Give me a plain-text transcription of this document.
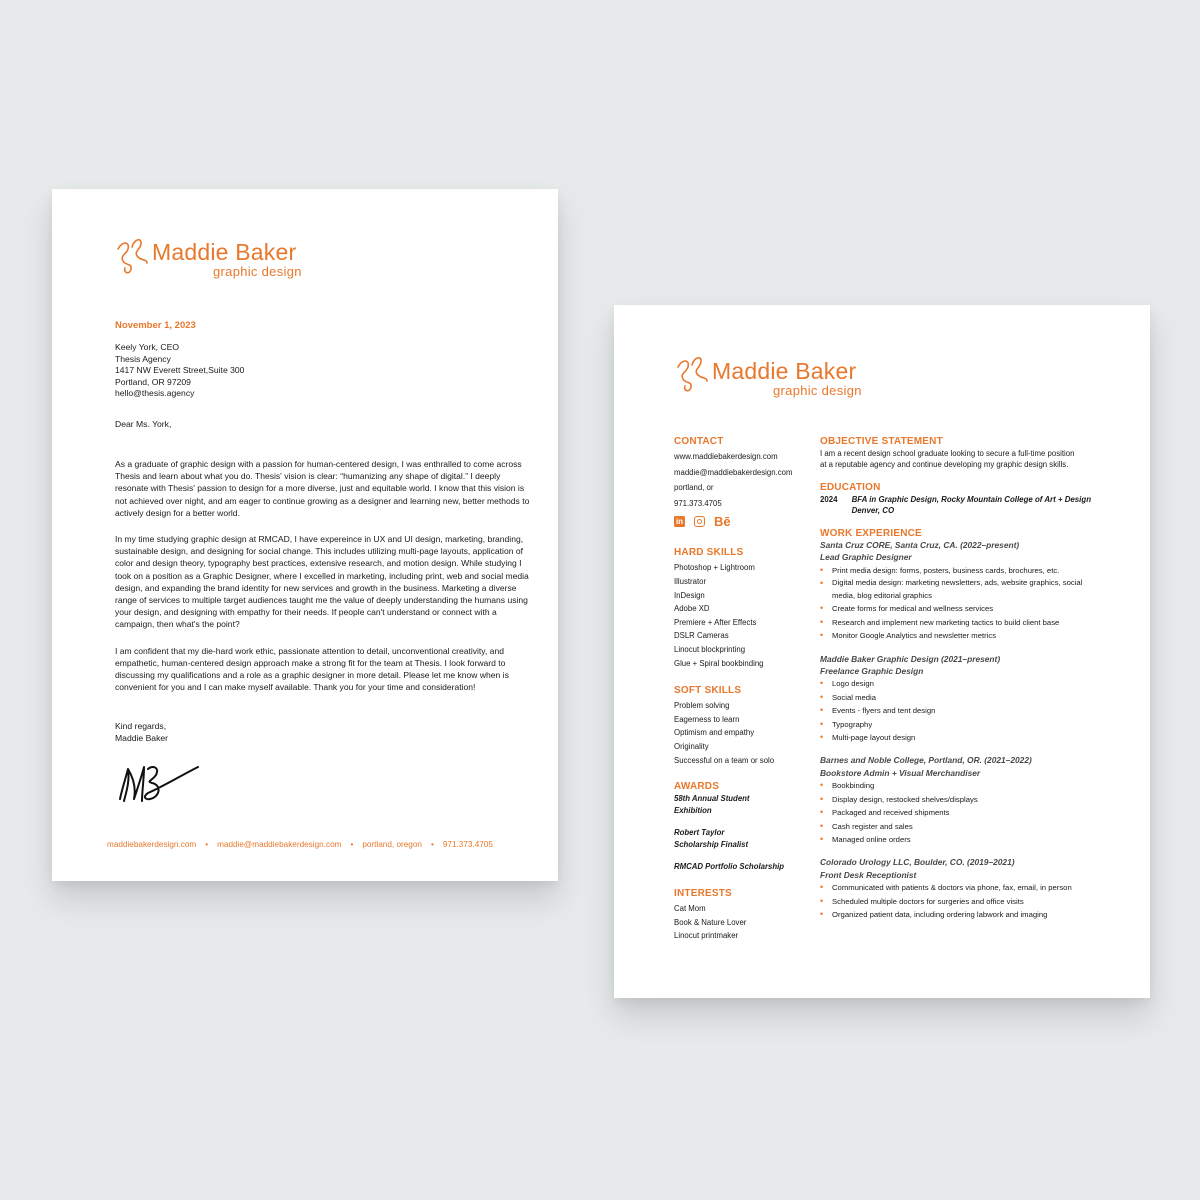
Maddie Baker
graphic design
November 1, 2023
Keely York, CEO
Thesis Agency
1417 NW Everett Street,Suite 300
Portland, OR 97209
hello@thesis.agency
Dear Ms. York,

As a graduate of graphic design with a passion for human-centered design, I was enthralled to come across Thesis and learn about what you do. Thesis' vision is clear: “humanizing any shape of digital.” I deeply resonate with Thesis' passion to design for a more diverse, just and equitable world. I know that this vision is not achieved over night, and am eager to continue growing as a designer and learning new, better methods to actively design for a better world.

In my time studying graphic design at RMCAD, I have expereince in UX and UI design, marketing, branding, sustainable design, and designing for social change. This includes utilizing multi-page layouts, application of color and design theory, typography best practices, extensive research, and motion design. While studying I took on a position as a Graphic Designer, where I excelled in marketing, including print, web and social media design, and expanding the brand identity for new services and growth in the business. Marketing a diverse range of services to multiple target audiences taught me the value of deeply understanding the humans using your design, and designing with empathy for their needs. If people can't understand or connect with a campaign, then what's the point?

I am confident that my die-hard work ethic, passionate attention to detail, unconventional creativity, and empathetic, human-centered design approach make a strong fit for the team at Thesis. I look forward to discussing my qualifications and a role as a graphic designer in more detail. Please let me know when is convenient for you and I can make myself available. Thank you for your time and consideration!

Kind regards,
Maddie Baker
maddiebakerdesign.com • maddie@maddiebakerdesign.com • portland, oregon • 971.373.4705
Maddie Baker
graphic design
CONTACT
www.maddiebakerdesign.com
maddie@maddiebakerdesign.com
portland, or
971.373.4705
in Bē
HARD SKILLS
Photoshop + Lightroom
Illustrator
InDesign
Adobe XD
Premiere + After Effects
DSLR Cameras
Linocut blockprinting
Glue + Spiral bookbinding
SOFT SKILLS
Problem solving
Eagerness to learn
Optimism and empathy
Originality
Successful on a team or solo
AWARDS
58th Annual Student Exhibition
Robert Taylor Scholarship Finalist
RMCAD Portfolio Scholarship
INTERESTS
Cat Mom
Book & Nature Lover
Linocut printmaker
OBJECTIVE STATEMENT
I am a recent design school graduate looking to secure a full-time position at a reputable agency and continue developing my graphic design skills.
EDUCATION
2024 BFA in Graphic Design, Rocky Mountain College of Art + Design
Denver, CO
WORK EXPERIENCE
Santa Cruz CORE, Santa Cruz, CA. (2022–present)
Lead Graphic Designer
• Print media design: forms, posters, business cards, brochures, etc.
• Digital media design: marketing newsletters, ads, website graphics, social media, blog editorial graphics
• Create forms for medical and wellness services
• Research and implement new marketing tactics to build client base
• Monitor Google Analytics and newsletter metrics
Maddie Baker Graphic Design (2021–present)
Freelance Graphic Design
• Logo design
• Social media
• Events - flyers and tent design
• Typography
• Multi-page layout design
Barnes and Noble College, Portland, OR. (2021–2022)
Bookstore Admin + Visual Merchandiser
• Bookbinding
• Display design, restocked shelves/displays
• Packaged and received shipments
• Cash register and sales
• Managed online orders
Colorado Urology LLC, Boulder, CO. (2019–2021)
Front Desk Receptionist
• Communicated with patients & doctors via phone, fax, email, in person
• Scheduled multiple doctors for surgeries and office visits
• Organized patient data, including ordering labwork and imaging
